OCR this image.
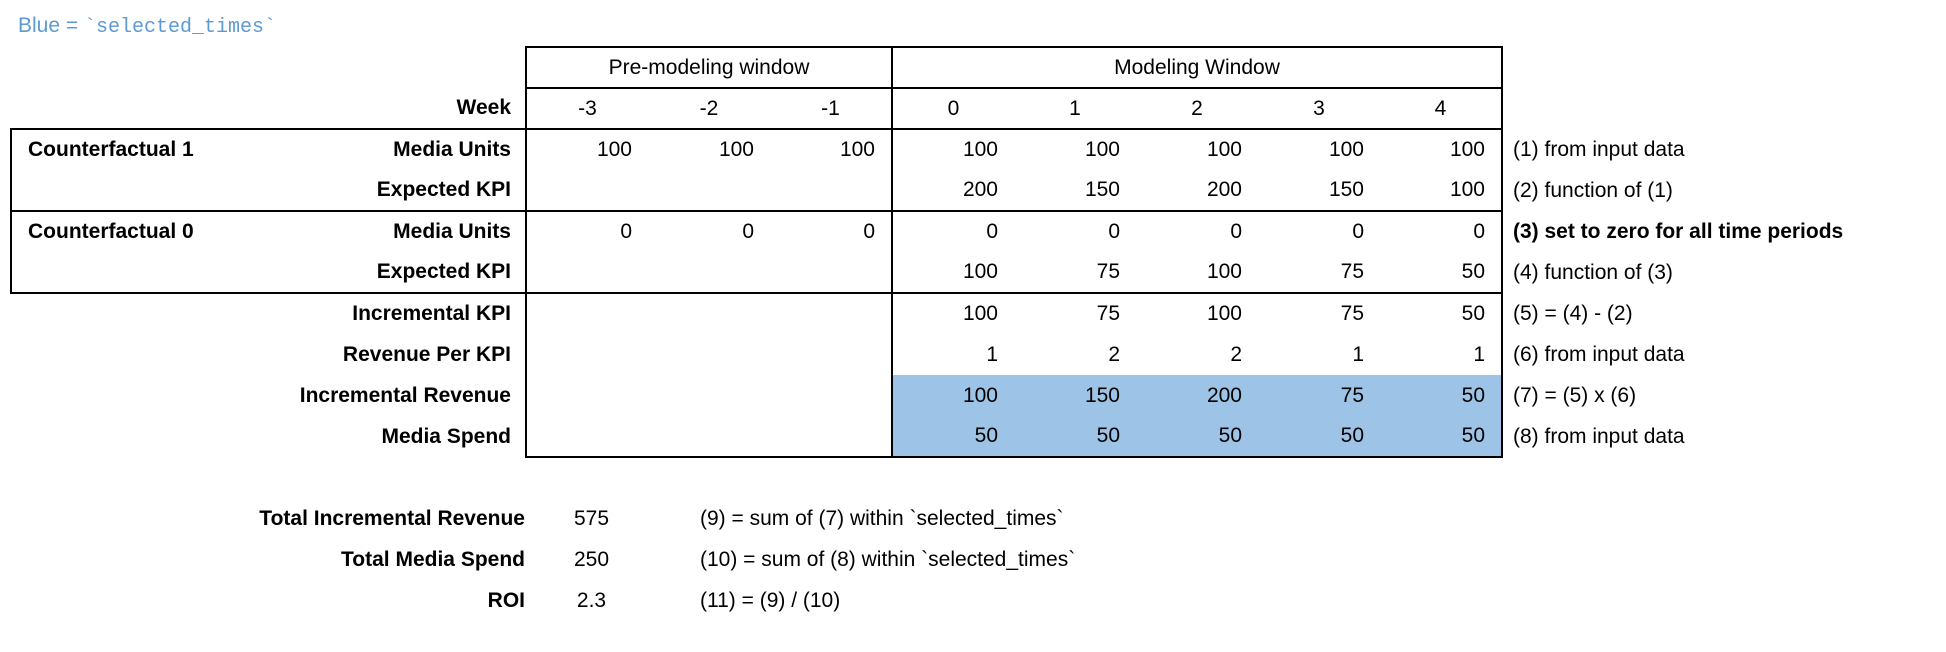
Blue = `selected_times`
		Pre-modeling window			Modeling Window					
	Week	-3	-2	-1	0	1	2	3	4	
Counterfactual 1	Media Units	100	100	100	100	100	100	100	100	(1) from input data
	Expected KPI				200	150	200	150	100	(2) function of (1)
Counterfactual 0	Media Units	0	0	0	0	0	0	0	0	(3) set to zero for all time periods
	Expected KPI				100	75	100	75	50	(4) function of (3)
	Incremental KPI				100	75	100	75	50	(5) = (4) - (2)
	Revenue Per KPI				1	2	2	1	1	(6) from input data
	Incremental Revenue				100	150	200	75	50	(7) = (5) x (6)
	Media Spend				50	50	50	50	50	(8) from input data
Total Incremental Revenue	575	(9) = sum of (7) within `selected_times`
Total Media Spend	250	(10) = sum of (8) within `selected_times`
ROI	2.3	(11) = (9) / (10)
